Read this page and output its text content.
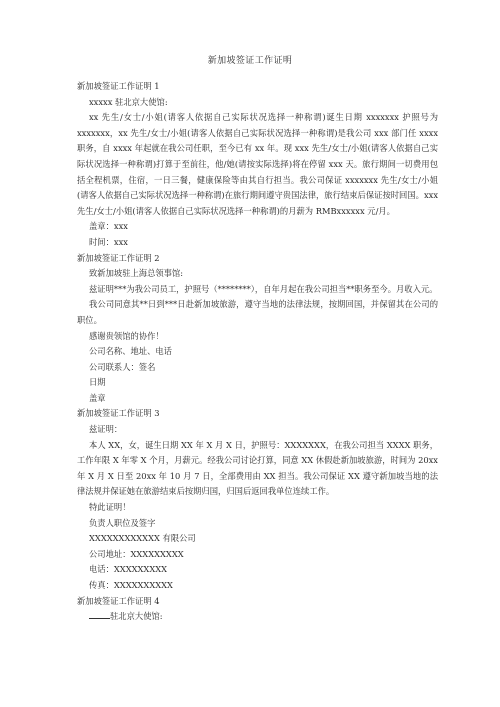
新加坡签证工作证明

新加坡签证工作证明 1

xxxxx 驻北京大使馆:

xx 先生/女士/小姐(请客人依据自己实际状况选择一种称谓)诞生日期 xxxxxxx 护照号为 xxxxxxx，xx 先生/女士/小姐(请客人依据自己实际状况选择一种称谓)是我公司 xxx 部门任 xxxx 职务，自 xxxx 年起就在我公司任职，至今已有 xx 年。现 xxx 先生/女士/小姐(请客人依据自己实际状况选择一种称谓)打算于至前往，他/她(请按实际选择)将在停留 xxx 天。旅行期间一切费用包括全程机票，住宿，一日三餐，健康保险等由其自行担当。我公司保证 xxxxxxx 先生/女士/小姐(请客人依据自己实际状况选择一种称谓)在旅行期间遵守贵国法律，旅行结束后保证按时回国。xxx 先生/女士/小姐(请客人依据自己实际状况选择一种称谓)的月薪为 RMBxxxxxx 元/月。

盖章：xxx

时间：xxx

新加坡签证工作证明 2

致新加坡驻上海总领事馆:

兹证明***为我公司员工，护照号（********），自年月起在我公司担当**职务至今。月收入元。

我公司同意其**日到***日赴新加坡旅游，遵守当地的法律法规，按期回国，并保留其在公司的职位。

感谢贵领馆的协作！

公司名称、地址、电话

公司联系人：签名

日期

盖章

新加坡签证工作证明 3

兹证明：

本人 XX，女，诞生日期 XX 年 X 月 X 日，护照号：XXXXXXX，在我公司担当 XXXX 职务，工作年限 X 年零 X 个月，月薪元。经我公司讨论打算，同意 XX 休假赴新加坡旅游，时间为 20xx 年 X 月 X 日至 20xx 年 10 月 7 日，全部费用由 XX 担当。我公司保证 XX 遵守新加坡当地的法律法规并保证她在旅游结束后按期归国，归国后返回我单位连续工作。

特此证明！

负责人职位及签字

XXXXXXXXXXXX 有限公司

公司地址：XXXXXXXXX

电话：XXXXXXXXX

传真：XXXXXXXXXX

新加坡签证工作证明 4

驻北京大使馆:
